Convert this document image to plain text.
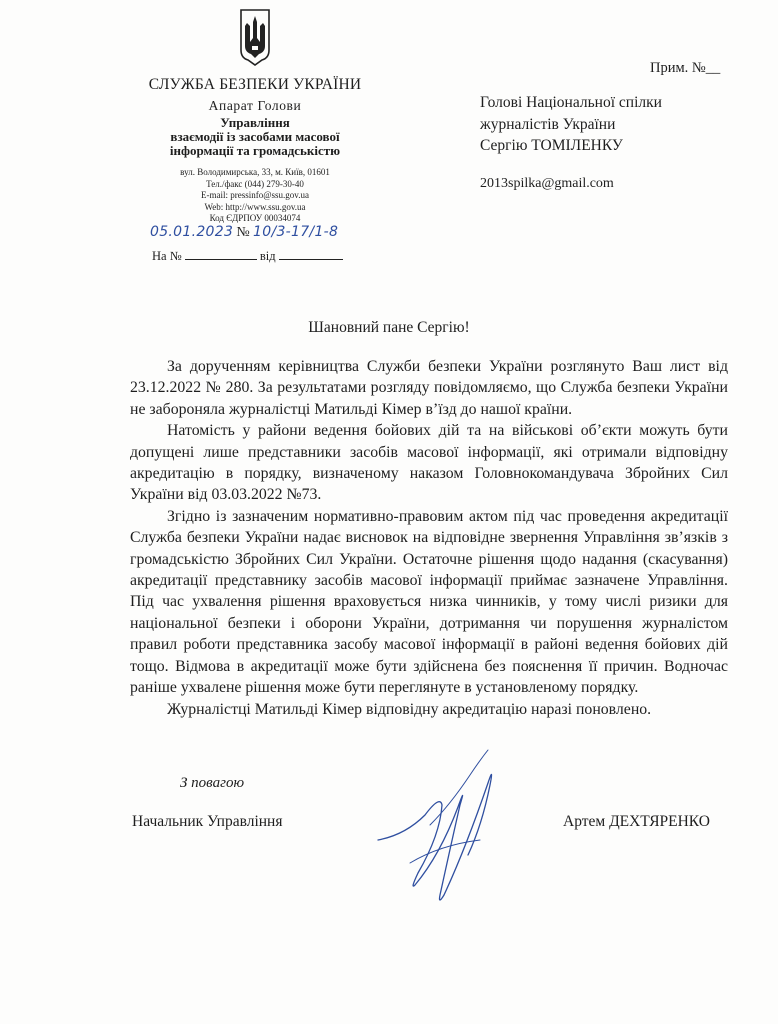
СЛУЖБА БЕЗПЕКИ УКРАЇНИ
Апарат Голови
Управління
взаємодії із засобами масової
інформації та громадськістю
вул. Володимирська, 33, м. Київ, 01601
Тел./факс (044) 279-30-40
E-mail: pressinfo@ssu.gov.ua
Web: http://www.ssu.gov.ua
Код ЄДРПОУ 00034074
05.01.2023 № 10/3-17/1-8
На №	від
Прим. №__
Голові Національної спілки
журналістів України
Сергію ТОМІЛЕНКУ
2013spilka@gmail.com
Шановний пане Сергію!

За дорученням керівництва Служби безпеки України розглянуто Ваш лист від 23.12.2022 № 280. За результатами розгляду повідомляємо, що Служба безпеки України не забороняла журналістці Матильді Кімер в’їзд до нашої країни.

Натомість у райони ведення бойових дій та на військові об’єкти можуть бути допущені лише представники засобів масової інформації, які отримали відповідну акредитацію в порядку, визначеному наказом Головнокомандувача Збройних Сил України від 03.03.2022 №73.

Згідно із зазначеним нормативно-правовим актом під час проведення акредитації Служба безпеки України надає висновок на відповідне звернення Управління зв’язків з громадськістю Збройних Сил України. Остаточне рішення щодо надання (скасування) акредитації представнику засобів масової інформації приймає зазначене Управління. Під час ухвалення рішення враховується низка чинників, у тому числі ризики для національної безпеки і оборони України, дотримання чи порушення журналістом правил роботи представника засобу масової інформації в районі ведення бойових дій тощо. Відмова в акредитації може бути здійснена без пояснення її причин. Водночас раніше ухвалене рішення може бути переглянуте в установленому порядку.

Журналістці Матильді Кімер відповідну акредитацію наразі поновлено.

З повагою
Начальник Управління	Артем ДЕХТЯРЕНКО
